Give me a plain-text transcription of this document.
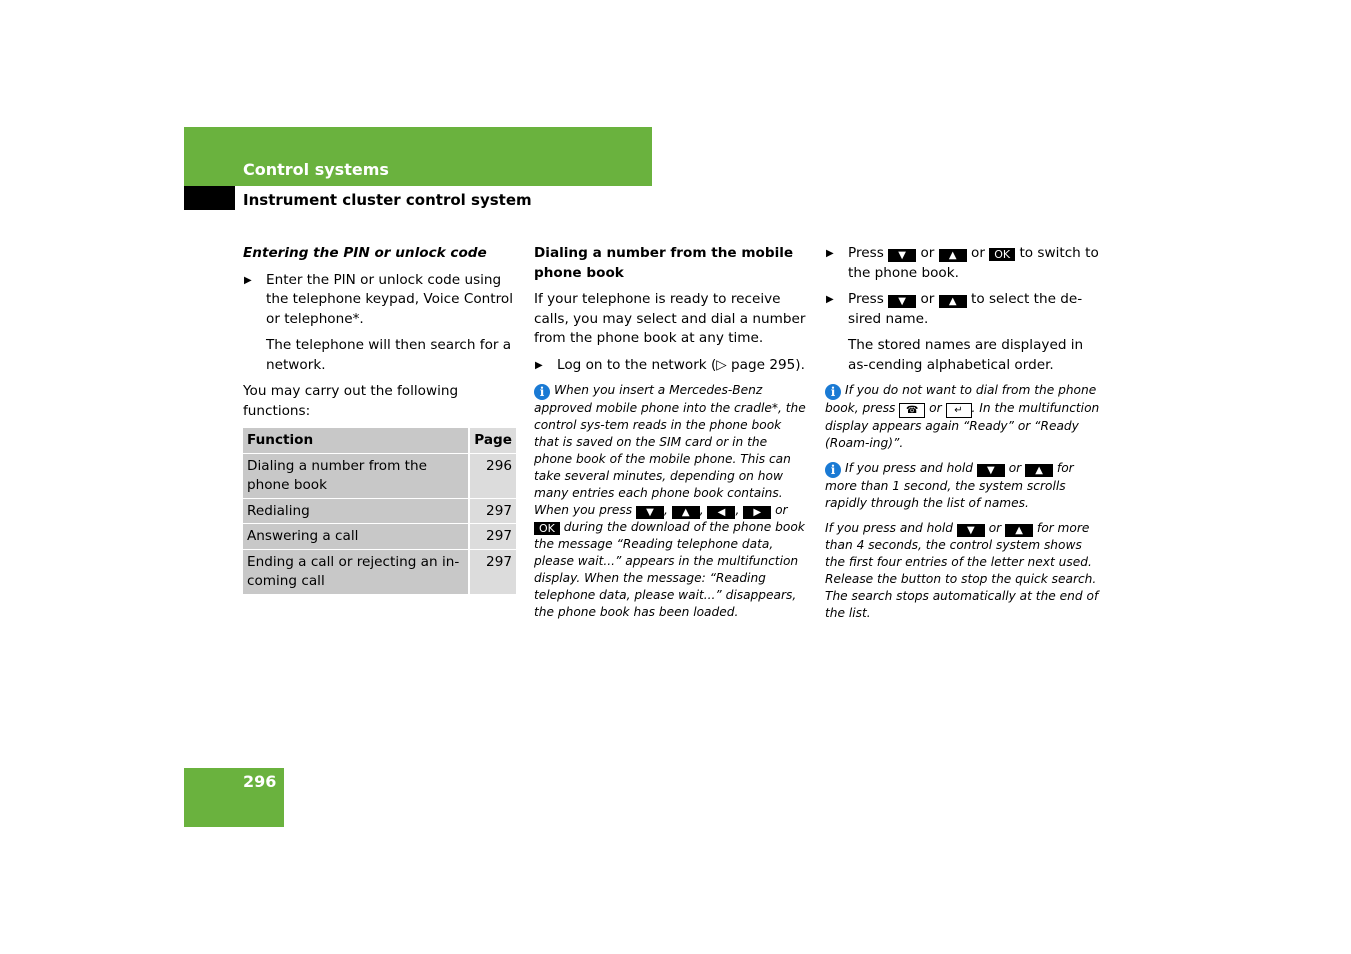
Control systems
Instrument cluster control system
Entering the PIN or unlock code
▶ Enter the PIN or unlock code using the telephone keypad, Voice Control or telephone*.

The telephone will then search for a network.

You may carry out the following functions:

Function	Page
Dialing a number from the phone book	296
Redialing	297
Answering a call	297
Ending a call or rejecting an in-coming call	297
Dialing a number from the mobile phone book

If your telephone is ready to receive calls, you may select and dial a number from the phone book at any time.

▶ Log on to the network (▷ page 295).
i When you insert a Mercedes-Benz approved mobile phone into the cradle*, the control sys-tem reads in the phone book that is saved on the SIM card or in the phone book of the mobile phone. This can take several minutes, depending on how many entries each phone book contains. When you press ▼ , ▲ , ◀ , ▶ or OK during the download of the phone book the message “Reading telephone data, please wait...” appears in the multifunction display. When the message: “Reading telephone data, please wait...” disappears, the phone book has been loaded.
▶ Press ▼ or ▲ or OK to switch to the phone book.
▶ Press ▼ or ▲ to select the de-sired name.

The stored names are displayed in as-cending alphabetical order.

i If you do not want to dial from the phone book, press ☎ or ↵ . In the multifunction display appears again “Ready” or “Ready (Roam-ing)”.
i If you press and hold ▼ or ▲ for more than 1 second, the system scrolls rapidly through the list of names.
If you press and hold ▼ or ▲ for more than 4 seconds, the control system shows the first four entries of the letter next used. Release the button to stop the quick search. The search stops automatically at the end of the list.
296
